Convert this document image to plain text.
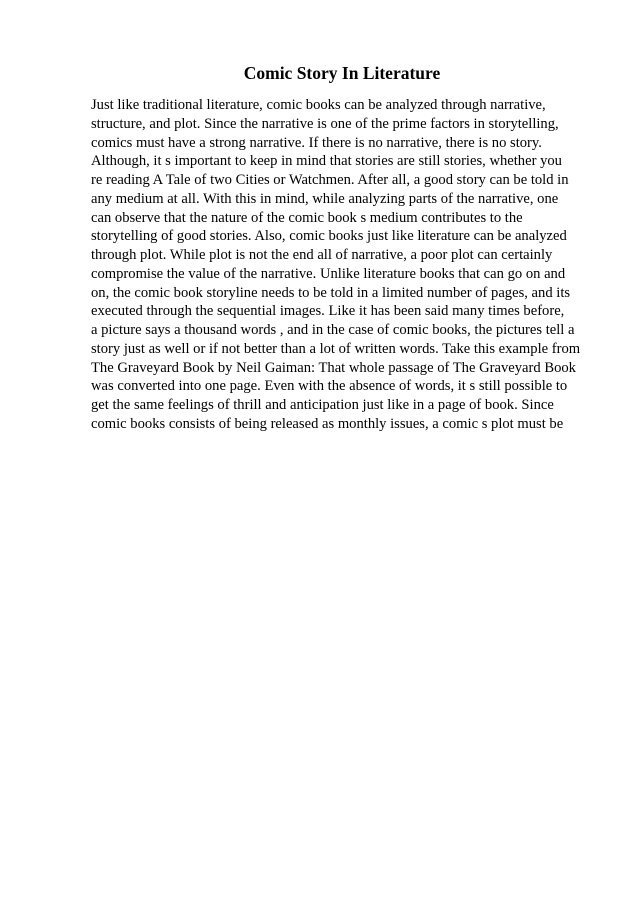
Comic Story In Literature
Just like traditional literature, comic books can be analyzed through narrative,
structure, and plot. Since the narrative is one of the prime factors in storytelling,
comics must have a strong narrative. If there is no narrative, there is no story.
Although, it s important to keep in mind that stories are still stories, whether you
re reading A Tale of two Cities or Watchmen. After all, a good story can be told in
any medium at all. With this in mind, while analyzing parts of the narrative, one
can observe that the nature of the comic book s medium contributes to the
storytelling of good stories. Also, comic books just like literature can be analyzed
through plot. While plot is not the end all of narrative, a poor plot can certainly
compromise the value of the narrative. Unlike literature books that can go on and
on, the comic book storyline needs to be told in a limited number of pages, and its
executed through the sequential images. Like it has been said many times before,
a picture says a thousand words , and in the case of comic books, the pictures tell a
story just as well or if not better than a lot of written words. Take this example from
The Graveyard Book by Neil Gaiman: That whole passage of The Graveyard Book
was converted into one page. Even with the absence of words, it s still possible to
get the same feelings of thrill and anticipation just like in a page of book. Since
comic books consists of being released as monthly issues, a comic s plot must be
